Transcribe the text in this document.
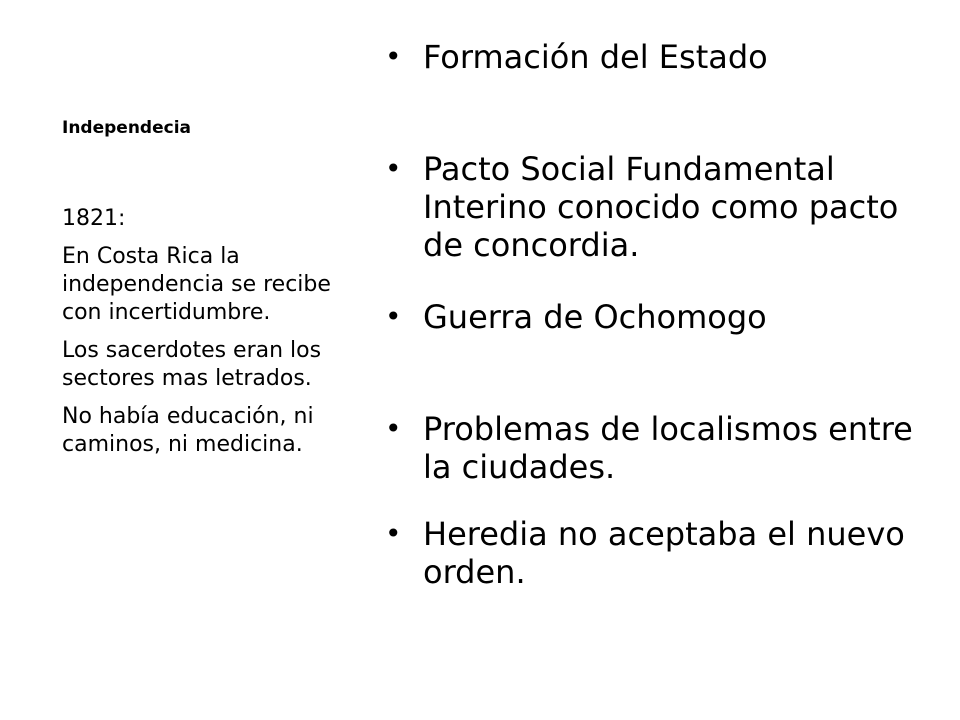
Independecia

1821:

En Costa Rica la independencia se recibe con incertidumbre.

Los sacerdotes eran los sectores mas letrados.

No había educación, ni caminos, ni medicina.

• Formación del Estado
• Pacto Social Fundamental Interino conocido como pacto de concordia.
• Guerra de Ochomogo
• Problemas de localismos entre la ciudades.
• Heredia no aceptaba el nuevo orden.
